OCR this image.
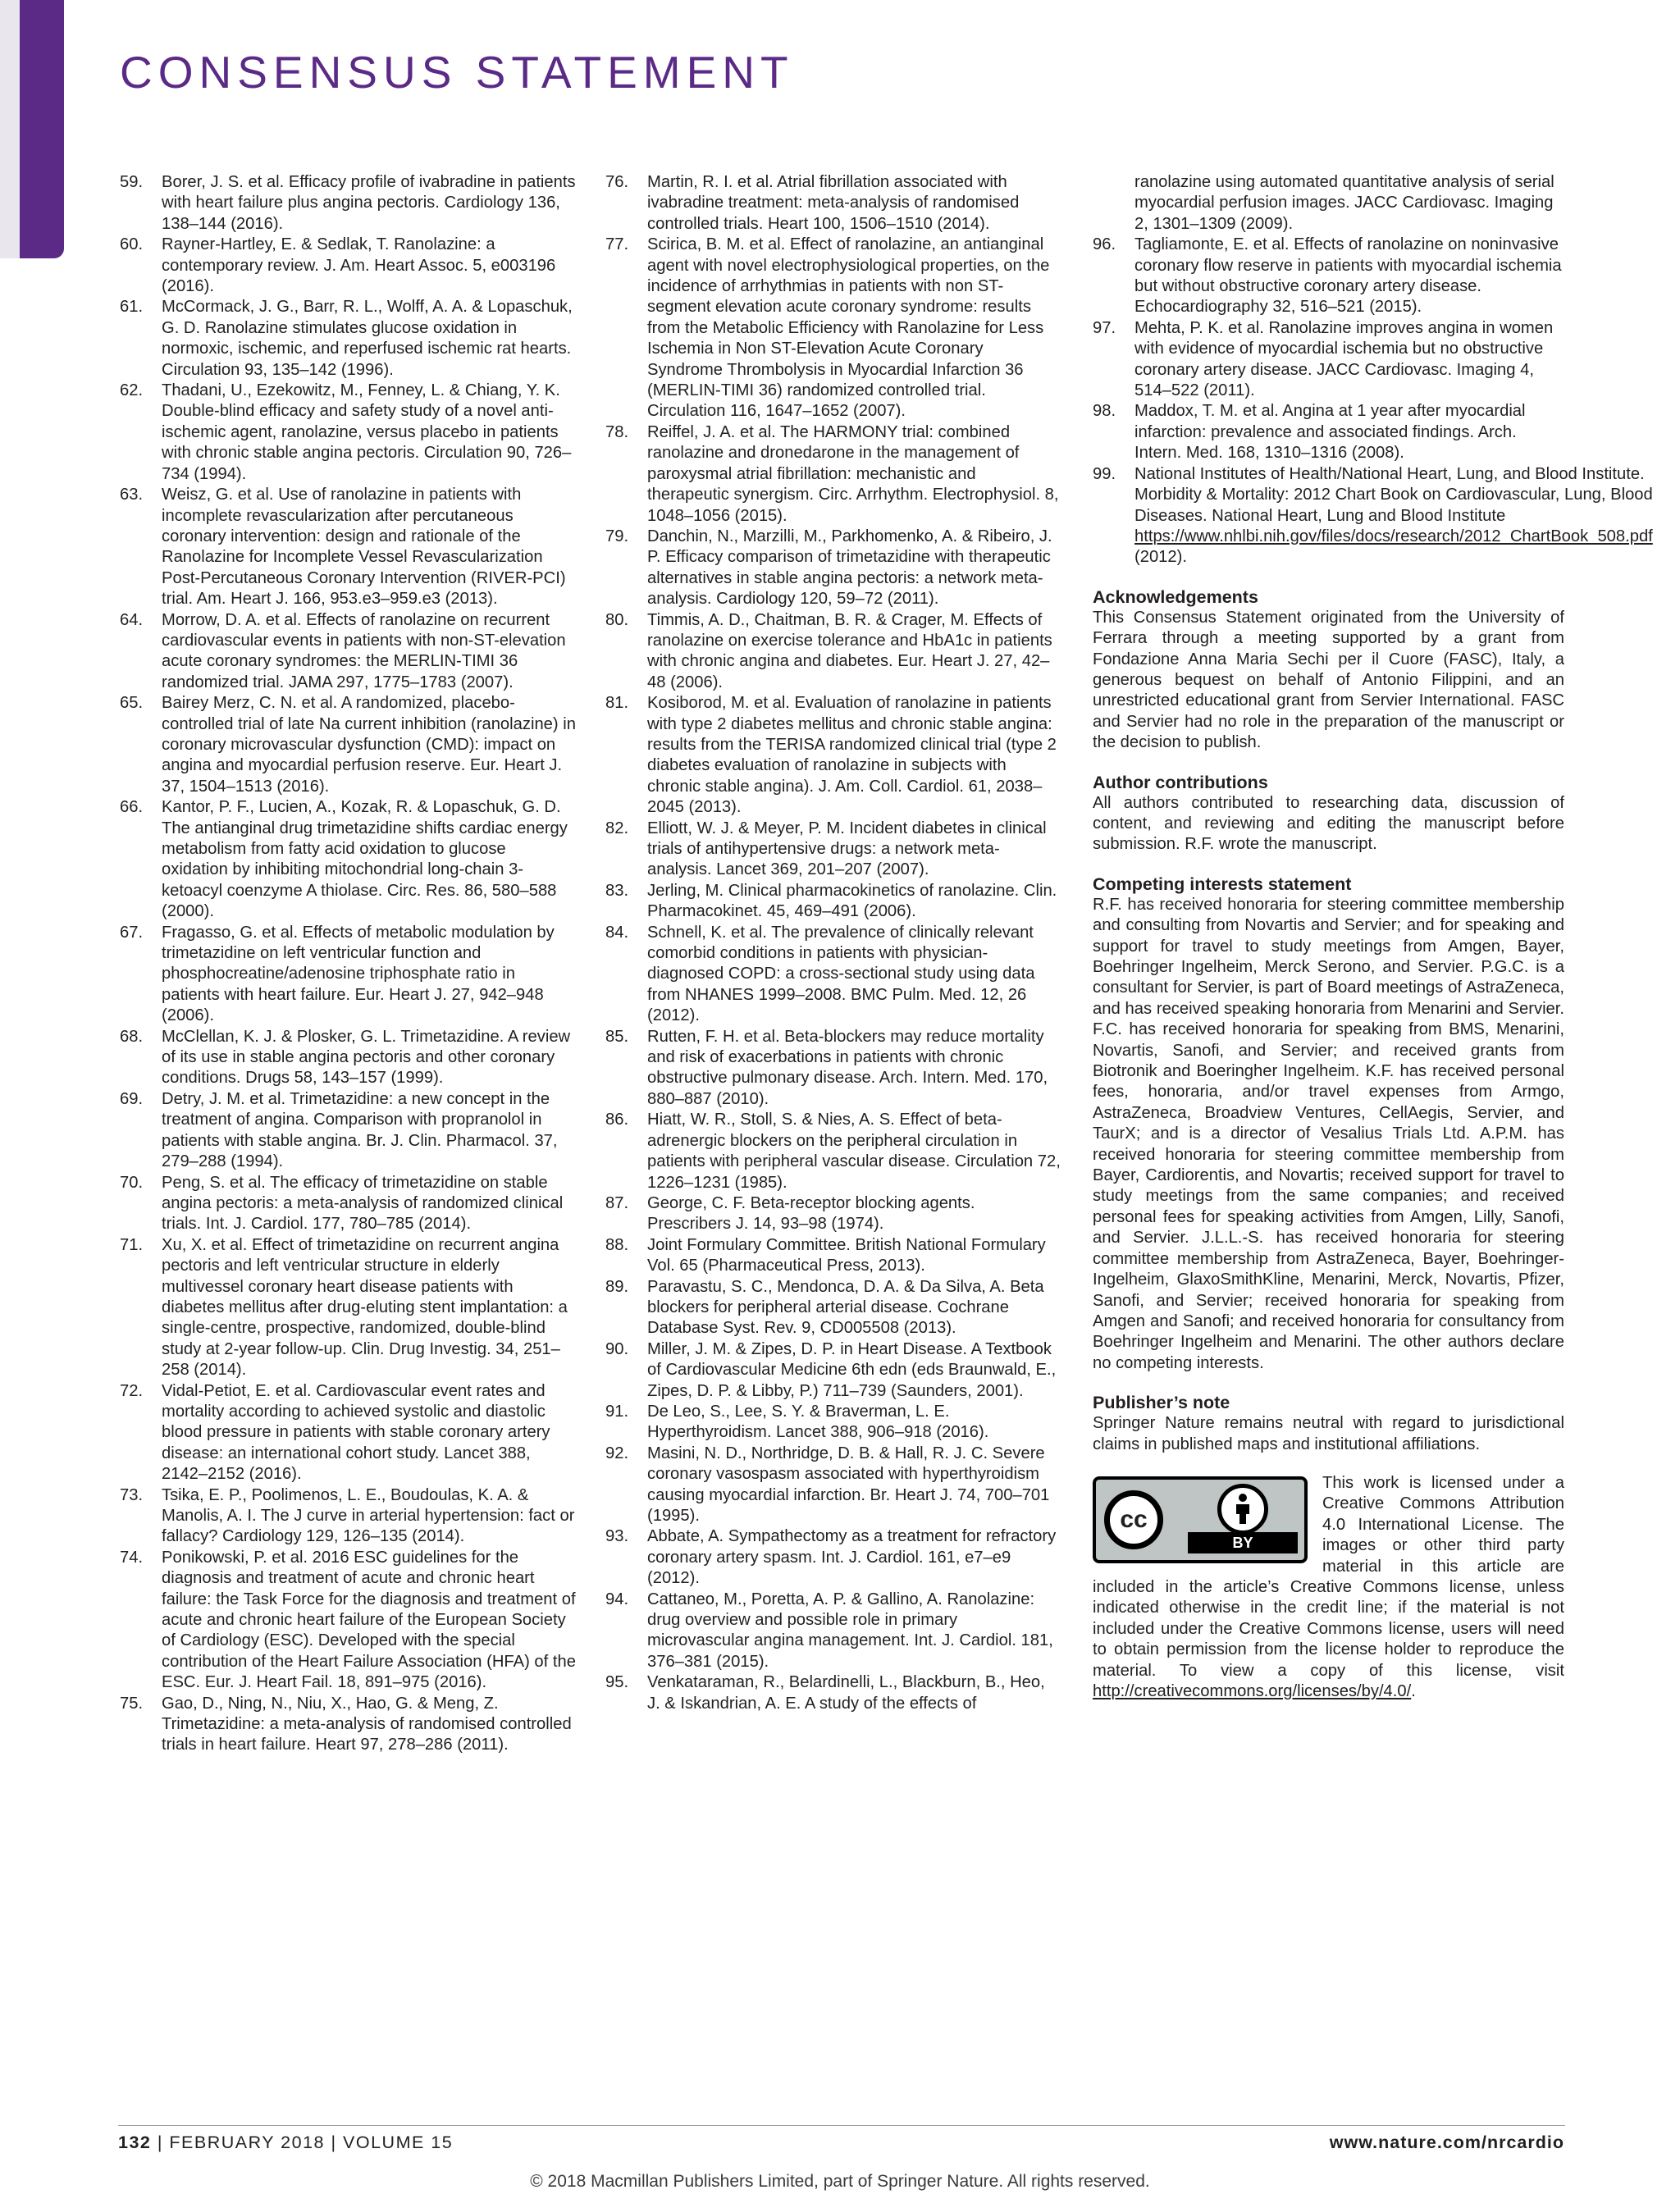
CONSENSUS STATEMENT
59.	Borer, J. S. et al. Efficacy profile of ivabradine in patients with heart failure plus angina pectoris. Cardiology 136, 138–144 (2016).
60.	Rayner-Hartley, E. & Sedlak, T. Ranolazine: a contemporary review. J. Am. Heart Assoc. 5, e003196 (2016).
61.	McCormack, J. G., Barr, R. L., Wolff, A. A. & Lopaschuk, G. D. Ranolazine stimulates glucose oxidation in normoxic, ischemic, and reperfused ischemic rat hearts. Circulation 93, 135–142 (1996).
62.	Thadani, U., Ezekowitz, M., Fenney, L. & Chiang, Y. K. Double-blind efficacy and safety study of a novel anti-ischemic agent, ranolazine, versus placebo in patients with chronic stable angina pectoris. Circulation 90, 726–734 (1994).
63.	Weisz, G. et al. Use of ranolazine in patients with incomplete revascularization after percutaneous coronary intervention: design and rationale of the Ranolazine for Incomplete Vessel Revascularization Post-Percutaneous Coronary Intervention (RIVER-PCI) trial. Am. Heart J. 166, 953.e3–959.e3 (2013).
64.	Morrow, D. A. et al. Effects of ranolazine on recurrent cardiovascular events in patients with non-ST-elevation acute coronary syndromes: the MERLIN-TIMI 36 randomized trial. JAMA 297, 1775–1783 (2007).
65.	Bairey Merz, C. N. et al. A randomized, placebo-controlled trial of late Na current inhibition (ranolazine) in coronary microvascular dysfunction (CMD): impact on angina and myocardial perfusion reserve. Eur. Heart J. 37, 1504–1513 (2016).
66.	Kantor, P. F., Lucien, A., Kozak, R. & Lopaschuk, G. D. The antianginal drug trimetazidine shifts cardiac energy metabolism from fatty acid oxidation to glucose oxidation by inhibiting mitochondrial long-chain 3-ketoacyl coenzyme A thiolase. Circ. Res. 86, 580–588 (2000).
67.	Fragasso, G. et al. Effects of metabolic modulation by trimetazidine on left ventricular function and phosphocreatine/adenosine triphosphate ratio in patients with heart failure. Eur. Heart J. 27, 942–948 (2006).
68.	McClellan, K. J. & Plosker, G. L. Trimetazidine. A review of its use in stable angina pectoris and other coronary conditions. Drugs 58, 143–157 (1999).
69.	Detry, J. M. et al. Trimetazidine: a new concept in the treatment of angina. Comparison with propranolol in patients with stable angina. Br. J. Clin. Pharmacol. 37, 279–288 (1994).
70.	Peng, S. et al. The efficacy of trimetazidine on stable angina pectoris: a meta-analysis of randomized clinical trials. Int. J. Cardiol. 177, 780–785 (2014).
71.	Xu, X. et al. Effect of trimetazidine on recurrent angina pectoris and left ventricular structure in elderly multivessel coronary heart disease patients with diabetes mellitus after drug-eluting stent implantation: a single-centre, prospective, randomized, double-blind study at 2-year follow-up. Clin. Drug Investig. 34, 251–258 (2014).
72.	Vidal-Petiot, E. et al. Cardiovascular event rates and mortality according to achieved systolic and diastolic blood pressure in patients with stable coronary artery disease: an international cohort study. Lancet 388, 2142–2152 (2016).
73.	Tsika, E. P., Poolimenos, L. E., Boudoulas, K. A. & Manolis, A. I. The J curve in arterial hypertension: fact or fallacy? Cardiology 129, 126–135 (2014).
74.	Ponikowski, P. et al. 2016 ESC guidelines for the diagnosis and treatment of acute and chronic heart failure: the Task Force for the diagnosis and treatment of acute and chronic heart failure of the European Society of Cardiology (ESC). Developed with the special contribution of the Heart Failure Association (HFA) of the ESC. Eur. J. Heart Fail. 18, 891–975 (2016).
75.	Gao, D., Ning, N., Niu, X., Hao, G. & Meng, Z. Trimetazidine: a meta-analysis of randomised controlled trials in heart failure. Heart 97, 278–286 (2011).
76.	Martin, R. I. et al. Atrial fibrillation associated with ivabradine treatment: meta-analysis of randomised controlled trials. Heart 100, 1506–1510 (2014).
77.	Scirica, B. M. et al. Effect of ranolazine, an antianginal agent with novel electrophysiological properties, on the incidence of arrhythmias in patients with non ST-segment elevation acute coronary syndrome: results from the Metabolic Efficiency with Ranolazine for Less Ischemia in Non ST-Elevation Acute Coronary Syndrome Thrombolysis in Myocardial Infarction 36 (MERLIN-TIMI 36) randomized controlled trial. Circulation 116, 1647–1652 (2007).
78.	Reiffel, J. A. et al. The HARMONY trial: combined ranolazine and dronedarone in the management of paroxysmal atrial fibrillation: mechanistic and therapeutic synergism. Circ. Arrhythm. Electrophysiol. 8, 1048–1056 (2015).
79.	Danchin, N., Marzilli, M., Parkhomenko, A. & Ribeiro, J. P. Efficacy comparison of trimetazidine with therapeutic alternatives in stable angina pectoris: a network meta-analysis. Cardiology 120, 59–72 (2011).
80.	Timmis, A. D., Chaitman, B. R. & Crager, M. Effects of ranolazine on exercise tolerance and HbA1c in patients with chronic angina and diabetes. Eur. Heart J. 27, 42–48 (2006).
81.	Kosiborod, M. et al. Evaluation of ranolazine in patients with type 2 diabetes mellitus and chronic stable angina: results from the TERISA randomized clinical trial (type 2 diabetes evaluation of ranolazine in subjects with chronic stable angina). J. Am. Coll. Cardiol. 61, 2038–2045 (2013).
82.	Elliott, W. J. & Meyer, P. M. Incident diabetes in clinical trials of antihypertensive drugs: a network meta-analysis. Lancet 369, 201–207 (2007).
83.	Jerling, M. Clinical pharmacokinetics of ranolazine. Clin. Pharmacokinet. 45, 469–491 (2006).
84.	Schnell, K. et al. The prevalence of clinically relevant comorbid conditions in patients with physician-diagnosed COPD: a cross-sectional study using data from NHANES 1999–2008. BMC Pulm. Med. 12, 26 (2012).
85.	Rutten, F. H. et al. Beta-blockers may reduce mortality and risk of exacerbations in patients with chronic obstructive pulmonary disease. Arch. Intern. Med. 170, 880–887 (2010).
86.	Hiatt, W. R., Stoll, S. & Nies, A. S. Effect of beta-adrenergic blockers on the peripheral circulation in patients with peripheral vascular disease. Circulation 72, 1226–1231 (1985).
87.	George, C. F. Beta-receptor blocking agents. Prescribers J. 14, 93–98 (1974).
88.	Joint Formulary Committee. British National Formulary Vol. 65 (Pharmaceutical Press, 2013).
89.	Paravastu, S. C., Mendonca, D. A. & Da Silva, A. Beta blockers for peripheral arterial disease. Cochrane Database Syst. Rev. 9, CD005508 (2013).
90.	Miller, J. M. & Zipes, D. P. in Heart Disease. A Textbook of Cardiovascular Medicine 6th edn (eds Braunwald, E., Zipes, D. P. & Libby, P.) 711–739 (Saunders, 2001).
91.	De Leo, S., Lee, S. Y. & Braverman, L. E. Hyperthyroidism. Lancet 388, 906–918 (2016).
92.	Masini, N. D., Northridge, D. B. & Hall, R. J. C. Severe coronary vasospasm associated with hyperthyroidism causing myocardial infarction. Br. Heart J. 74, 700–701 (1995).
93.	Abbate, A. Sympathectomy as a treatment for refractory coronary artery spasm. Int. J. Cardiol. 161, e7–e9 (2012).
94.	Cattaneo, M., Poretta, A. P. & Gallino, A. Ranolazine: drug overview and possible role in primary microvascular angina management. Int. J. Cardiol. 181, 376–381 (2015).
95.	Venkataraman, R., Belardinelli, L., Blackburn, B., Heo, J. & Iskandrian, A. E. A study of the effects of
ranolazine using automated quantitative analysis of serial myocardial perfusion images. JACC Cardiovasc. Imaging 2, 1301–1309 (2009).
96.	Tagliamonte, E. et al. Effects of ranolazine on noninvasive coronary flow reserve in patients with myocardial ischemia but without obstructive coronary artery disease. Echocardiography 32, 516–521 (2015).
97.	Mehta, P. K. et al. Ranolazine improves angina in women with evidence of myocardial ischemia but no obstructive coronary artery disease. JACC Cardiovasc. Imaging 4, 514–522 (2011).
98.	Maddox, T. M. et al. Angina at 1 year after myocardial infarction: prevalence and associated findings. Arch. Intern. Med. 168, 1310–1316 (2008).
99.	National Institutes of Health/National Heart, Lung, and Blood Institute. Morbidity & Mortality: 2012 Chart Book on Cardiovascular, Lung, Blood Diseases. National Heart, Lung and Blood Institute https://www.nhlbi.nih.gov/files/docs/research/2012_ChartBook_508.pdf (2012).
Acknowledgements

This Consensus Statement originated from the University of Ferrara through a meeting supported by a grant from Fondazione Anna Maria Sechi per il Cuore (FASC), Italy, a generous bequest on behalf of Antonio Filippini, and an unrestricted educational grant from Servier International. FASC and Servier had no role in the preparation of the manuscript or the decision to publish.

Author contributions

All authors contributed to researching data, discussion of content, and reviewing and editing the manuscript before submission. R.F. wrote the manuscript.

Competing interests statement

R.F. has received honoraria for steering committee membership and consulting from Novartis and Servier; and for speaking and support for travel to study meetings from Amgen, Bayer, Boehringer Ingelheim, Merck Serono, and Servier. P.G.C. is a consultant for Servier, is part of Board meetings of AstraZeneca, and has received speaking honoraria from Menarini and Servier. F.C. has received honoraria for speaking from BMS, Menarini, Novartis, Sanofi, and Servier; and received grants from Biotronik and Boeringher Ingelheim. K.F. has received personal fees, honoraria, and/or travel expenses from Armgo, AstraZeneca, Broadview Ventures, CellAegis, Servier, and TaurX; and is a director of Vesalius Trials Ltd. A.P.M. has received honoraria for steering committee membership from Bayer, Cardiorentis, and Novartis; received support for travel to study meetings from the same companies; and received personal fees for speaking activities from Amgen, Lilly, Sanofi, and Servier. J.L.L.-S. has received honoraria for steering committee membership from AstraZeneca, Bayer, Boehringer-Ingelheim, GlaxoSmithKline, Menarini, Merck, Novartis, Pfizer, Sanofi, and Servier; received honoraria for speaking from Amgen and Sanofi; and received honoraria for consultancy from Boehringer Ingelheim and Menarini. The other authors declare no competing interests.

Publisher’s note

Springer Nature remains neutral with regard to jurisdictional claims in published maps and institutional affiliations.

cc
BY

This work is licensed under a Creative Commons Attribution 4.0 International License. The images or other third party material in this article are included in the article’s Creative Commons license, unless indicated otherwise in the credit line; if the material is not included under the Creative Commons license, users will need to obtain permission from the license holder to reproduce the material. To view a copy of this license, visit http://creativecommons.org/licenses/by/4.0/.

132 | FEBRUARY 2018 | VOLUME 15	www.nature.com/nrcardio
© 2018 Macmillan Publishers Limited, part of Springer Nature. All rights reserved.
